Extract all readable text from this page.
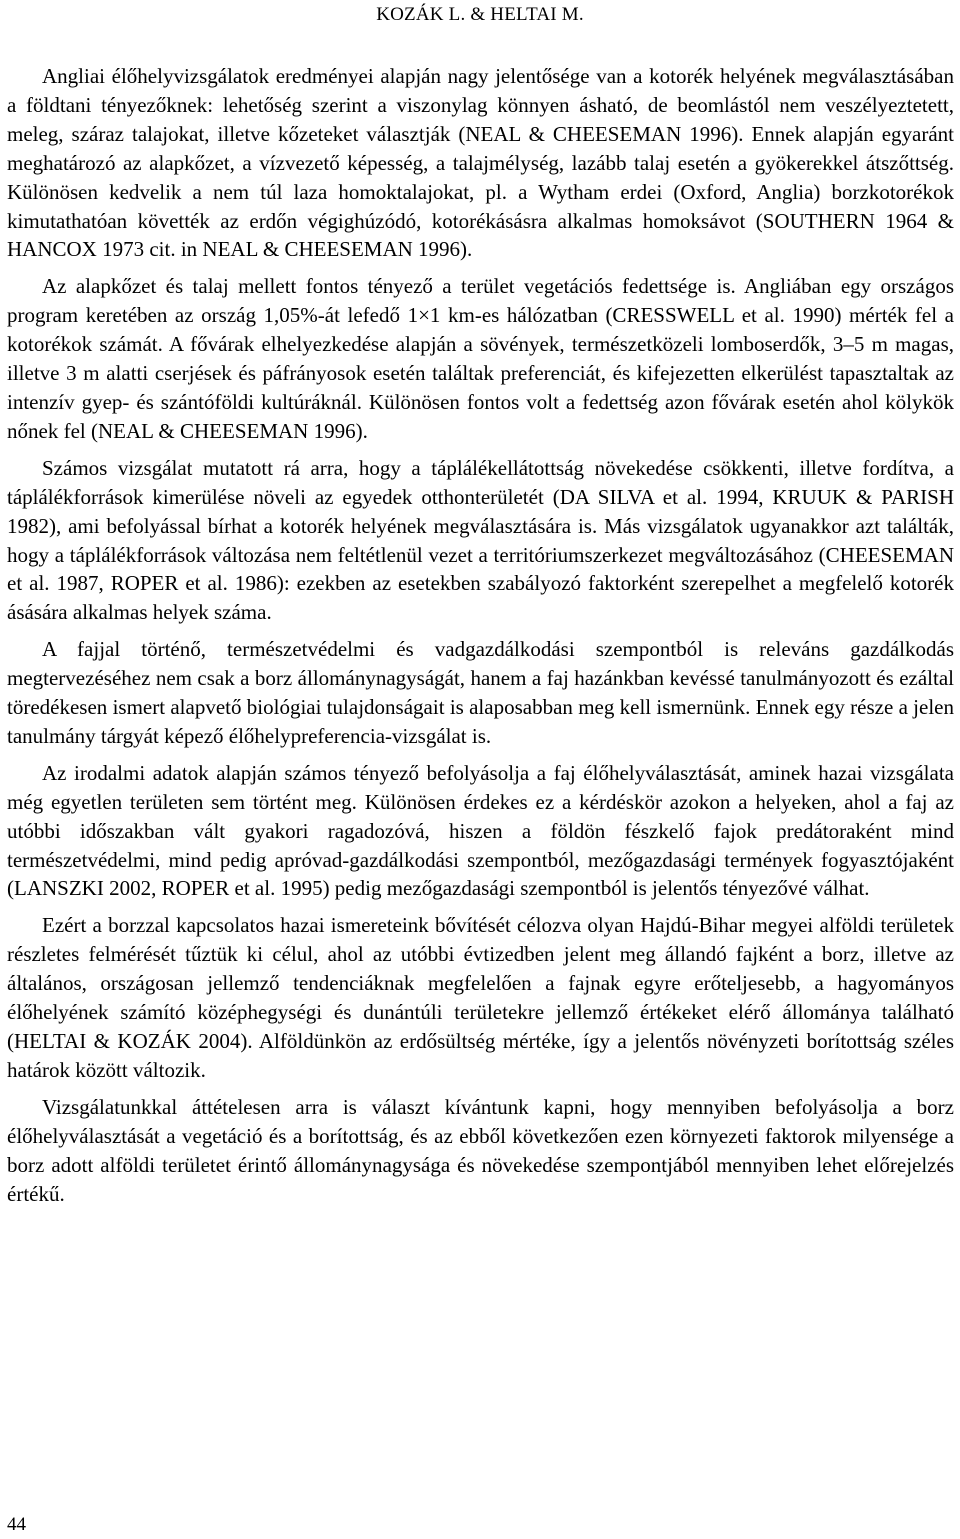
KOZÁK L. & HELTAI M.

Angliai élőhelyvizsgálatok eredményei alapján nagy jelentősége van a kotorék helyének megválasztásában a földtani tényezőknek: lehetőség szerint a viszonylag könnyen ásható, de beomlástól nem veszélyeztetett, meleg, száraz talajokat, illetve kőzeteket választják (NEAL & CHEESEMAN 1996). Ennek alapján egyaránt meghatározó az alapkőzet, a vízvezető képesség, a talajmélység, lazább talaj esetén a gyökerekkel átszőttség. Különösen kedvelik a nem túl laza homoktalajokat, pl. a Wytham erdei (Oxford, Anglia) borzkotorékok kimutathatóan követték az erdőn végighúzódó, kotorékásásra alkalmas homoksávot (SOUTHERN 1964 & HANCOX 1973 cit. in NEAL & CHEESEMAN 1996).

Az alapkőzet és talaj mellett fontos tényező a terület vegetációs fedettsége is. Angliában egy országos program keretében az ország 1,05%-át lefedő 1×1 km-es hálózatban (CRESSWELL et al. 1990) mérték fel a kotorékok számát. A fővárak elhelyezkedése alapján a sövények, természetközeli lomboserdők, 3–5 m magas, illetve 3 m alatti cserjések és páfrányosok esetén találtak preferenciát, és kifejezetten elkerülést tapasztaltak az intenzív gyep- és szántóföldi kultúráknál. Különösen fontos volt a fedettség azon fővárak esetén ahol kölykök nőnek fel (NEAL & CHEESEMAN 1996).

Számos vizsgálat mutatott rá arra, hogy a táplálékellátottság növekedése csökkenti, illetve fordítva, a táplálékforrások kimerülése növeli az egyedek otthonterületét (DA SILVA et al. 1994, KRUUK & PARISH 1982), ami befolyással bírhat a kotorék helyének megválasztására is. Más vizsgálatok ugyanakkor azt találták, hogy a táplálékforrások változása nem feltétlenül vezet a territóriumszerkezet megváltozásához (CHEESEMAN et al. 1987, ROPER et al. 1986): ezekben az esetekben szabályozó faktorként szerepelhet a megfelelő kotorék ásására alkalmas helyek száma.

A fajjal történő, természetvédelmi és vadgazdálkodási szempontból is releváns gazdálkodás megtervezéséhez nem csak a borz állománynagyságát, hanem a faj hazánkban kevéssé tanulmányozott és ezáltal töredékesen ismert alapvető biológiai tulajdonságait is alaposabban meg kell ismernünk. Ennek egy része a jelen tanulmány tárgyát képező élőhelypreferencia-vizsgálat is.

Az irodalmi adatok alapján számos tényező befolyásolja a faj élőhelyválasztását, aminek hazai vizsgálata még egyetlen területen sem történt meg. Különösen érdekes ez a kérdéskör azokon a helyeken, ahol a faj az utóbbi időszakban vált gyakori ragadozóvá, hiszen a földön fészkelő fajok predátoraként mind természetvédelmi, mind pedig apróvad-gazdálkodási szempontból, mezőgazdasági termények fogyasztójaként (LANSZKI 2002, ROPER et al. 1995) pedig mezőgazdasági szempontból is jelentős tényezővé válhat.

Ezért a borzzal kapcsolatos hazai ismereteink bővítését célozva olyan Hajdú-Bihar megyei alföldi területek részletes felmérését tűztük ki célul, ahol az utóbbi évtizedben jelent meg állandó fajként a borz, illetve az általános, országosan jellemző tendenciáknak megfelelően a fajnak egyre erőteljesebb, a hagyományos élőhelyének számító középhegységi és dunántúli területekre jellemző értékeket elérő állománya található (HELTAI & KOZÁK 2004). Alföldünkön az erdősültség mértéke, így a jelentős növényzeti borítottság széles határok között változik.

Vizsgálatunkkal áttételesen arra is választ kívántunk kapni, hogy mennyiben befolyásolja a borz élőhelyválasztását a vegetáció és a borítottság, és az ebből következően ezen környezeti faktorok milyensége a borz adott alföldi területet érintő állománynagysága és növekedése szempontjából mennyiben lehet előrejelzés értékű.

44
